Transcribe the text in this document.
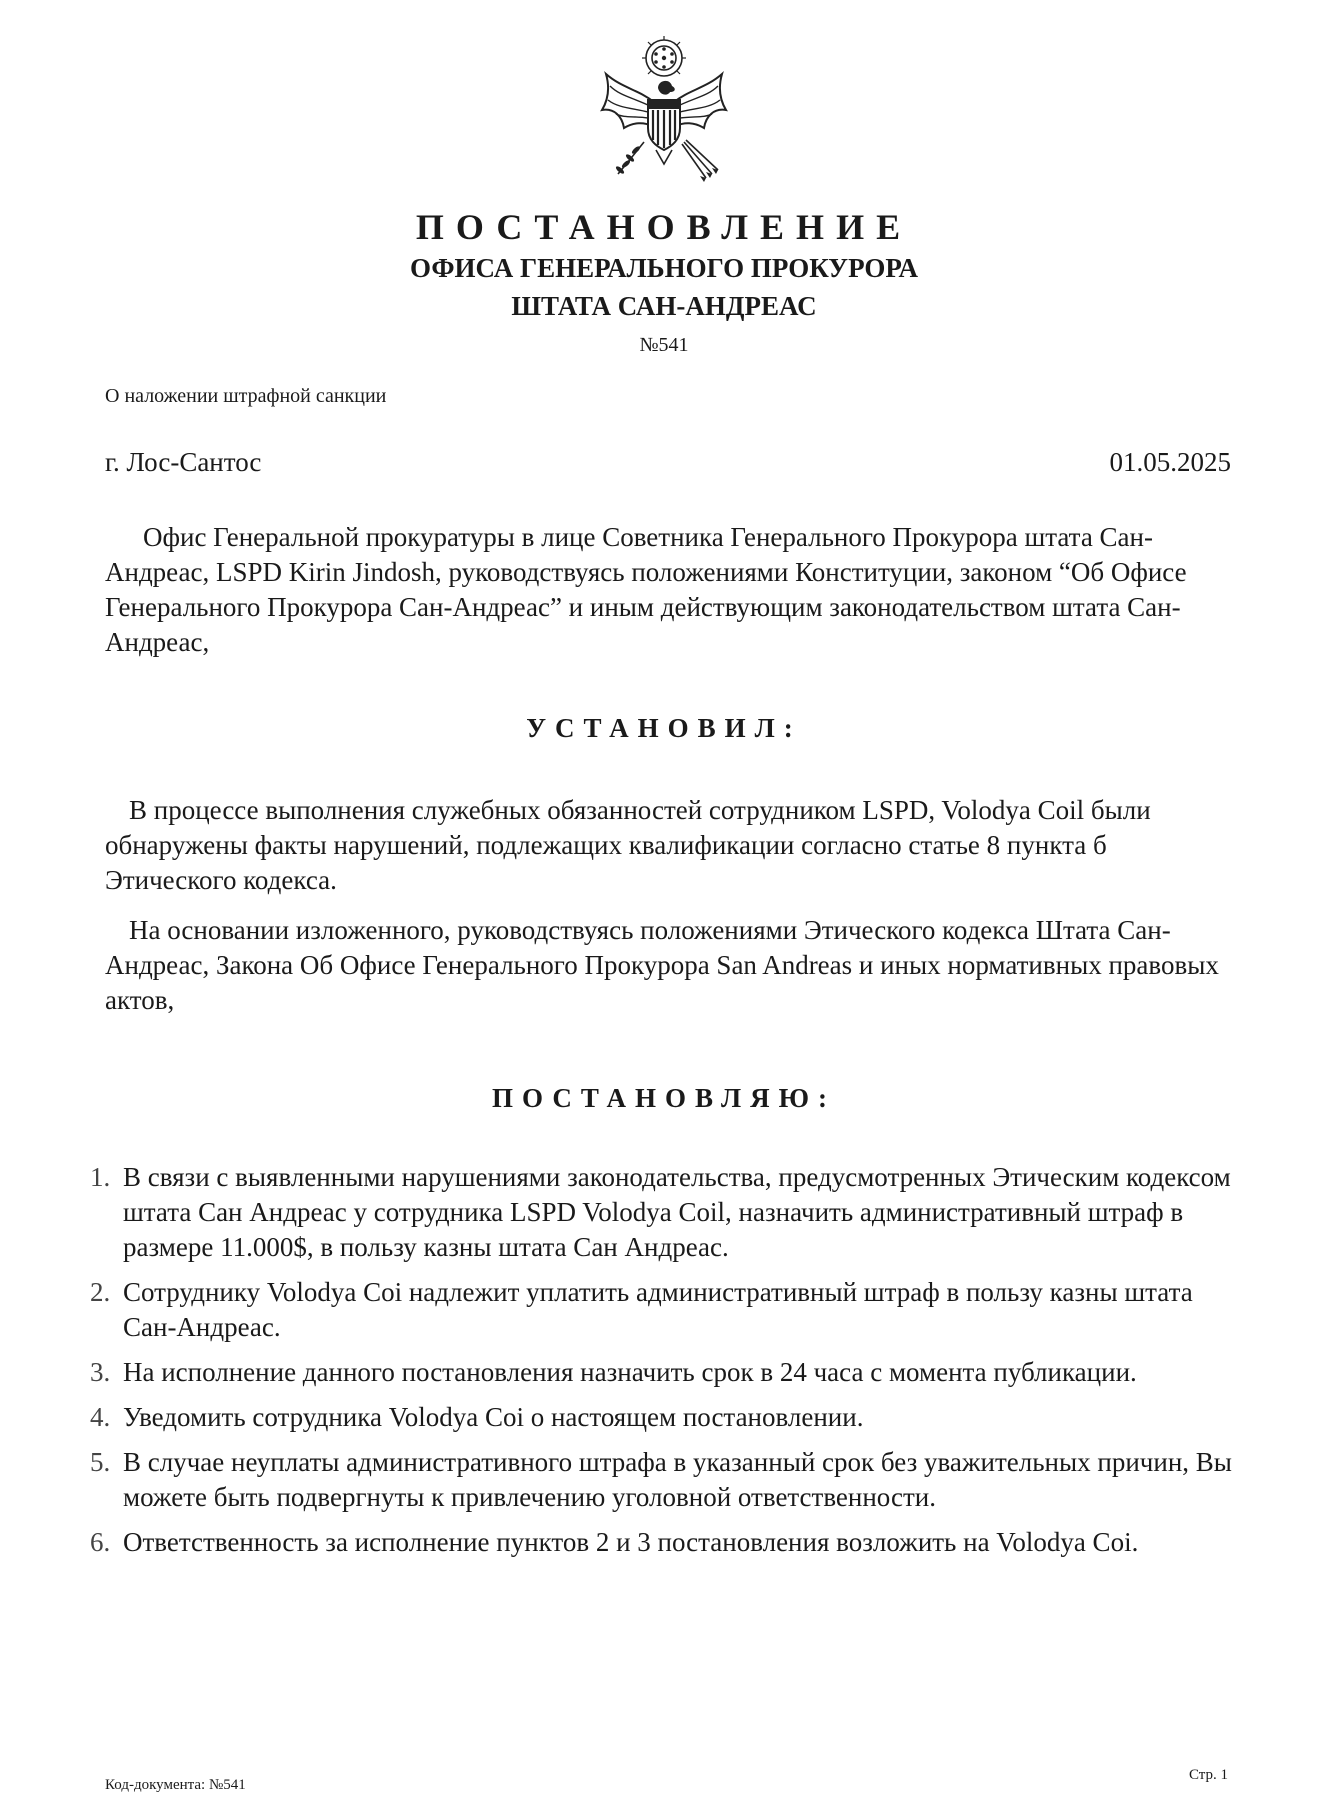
ПОСТАНОВЛЕНИЕ
ОФИСА ГЕНЕРАЛЬНОГО ПРОКУРОРА
ШТАТА САН-АНДРЕАС
№541
О наложении штрафной санкции
г. Лос-Сантос	01.05.2025

Офис Генеральной прокуратуры в лице Советника Генерального Прокурора штата Сан-Андреас, LSPD Kirin Jindosh, руководствуясь положениями Конституции, законом “Об Офисе Генерального Прокурора Сан-Андреас” и иным действующим законодательством штата Сан-Андреас,

УСТАНОВИЛ:

В процессе выполнения служебных обязанностей сотрудником LSPD, Volodya Coil были обнаружены факты нарушений, подлежащих квалификации согласно статье 8 пункта б Этического кодекса.

На основании изложенного, руководствуясь положениями Этического кодекса Штата Сан-Андреас, Закона Об Офисе Генерального Прокурора San Andreas и иных нормативных правовых актов,

ПОСТАНОВЛЯЮ:
1. В связи с выявленными нарушениями законодательства, предусмотренных Этическим кодексом штата Сан Андреас у сотрудника LSPD Volodya Coil, назначить административный штраф в размере 11.000$, в пользу казны штата Сан Андреас.
2. Сотруднику Volodya Coi надлежит уплатить административный штраф в пользу казны штата Сан-Андреас.
3. На исполнение данного постановления назначить срок в 24 часа с момента публикации.
4. Уведомить сотрудника Volodya Coi о настоящем постановлении.
5. В случае неуплаты административного штрафа в указанный срок без уважительных причин, Вы можете быть подвергнуты к привлечению уголовной ответственности.
6. Ответственность за исполнение пунктов 2 и 3 постановления возложить на Volodya Coi.
Код-документа: №541
Стр. 1
